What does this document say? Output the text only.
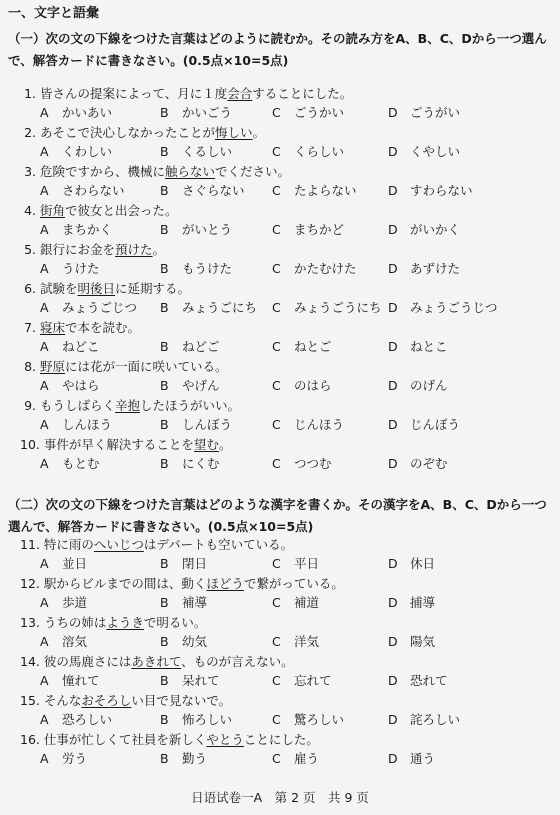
一、文字と語彙
（一）次の文の下線をつけた言葉はどのように読むか。その読み方をA、B、C、Dから一つ選んで、解答カードに書きなさい。(0.5点×10=5点)
1. 皆さんの提案によって、月に１度会合することにした。
A かいあい	B かいごう	C ごうかい	D ごうがい
2. あそこで決心しなかったことが悔しい。
A くわしい	B くるしい	C くらしい	D くやしい
3. 危険ですから、機械に触らないでください。
A さわらない	B さぐらない C たよらない	D すわらない
4. 街角で彼女と出会った。
A まちかく	B がいとう	C まちかど	D がいかく
5. 銀行にお金を預けた。
A うけた	B もうけた	C かたむけた	D あずけた
6. 試験を明後日に延期する。
A みょうごじつ B みょうごにち C みょうごうにち D みょうごうじつ
7. 寝床で本を読む。
A ねどこ	B ねどご	C ねとご	D ねとこ
8. 野原には花が一面に咲いている。
A やはら	B やげん	C のはら	D のげん
9. もうしばらく辛抱したほうがいい。
A しんほう	B しんぼう	C じんほう	D じんぼう
10. 事件が早く解決することを望む。
A もとむ	B にくむ	C つつむ	D のぞむ
（二）次の文の下線をつけた言葉はどのような漢字を書くか。その漢字をA、B、C、Dから一つ選んで、解答カードに書きなさい。(0.5点×10=5点)
11. 特に雨のへいじつはデパートも空いている。
A 並日	B 閉日	C 平日	D 休日
12. 駅からビルまでの間は、動くほどうで繋がっている。
A 歩道	B 補導	C 補道	D 捕導
13. うちの姉はようきで明るい。
A 溶気	B 幼気	C 洋気	D 陽気
14. 彼の馬鹿さにはあきれて、ものが言えない。
A 憧れて	B 呆れて	C 忘れて	D 恐れて
15. そんなおそろしい目で見ないで。
A 恐ろしい	B 怖ろしい	C 驚ろしい	D 詫ろしい
16. 仕事が忙しくて社員を新しくやとうことにした。
A 労う	B 勤う	C 雇う	D 通う
日语试卷一A　第 2 页　共 9 页
